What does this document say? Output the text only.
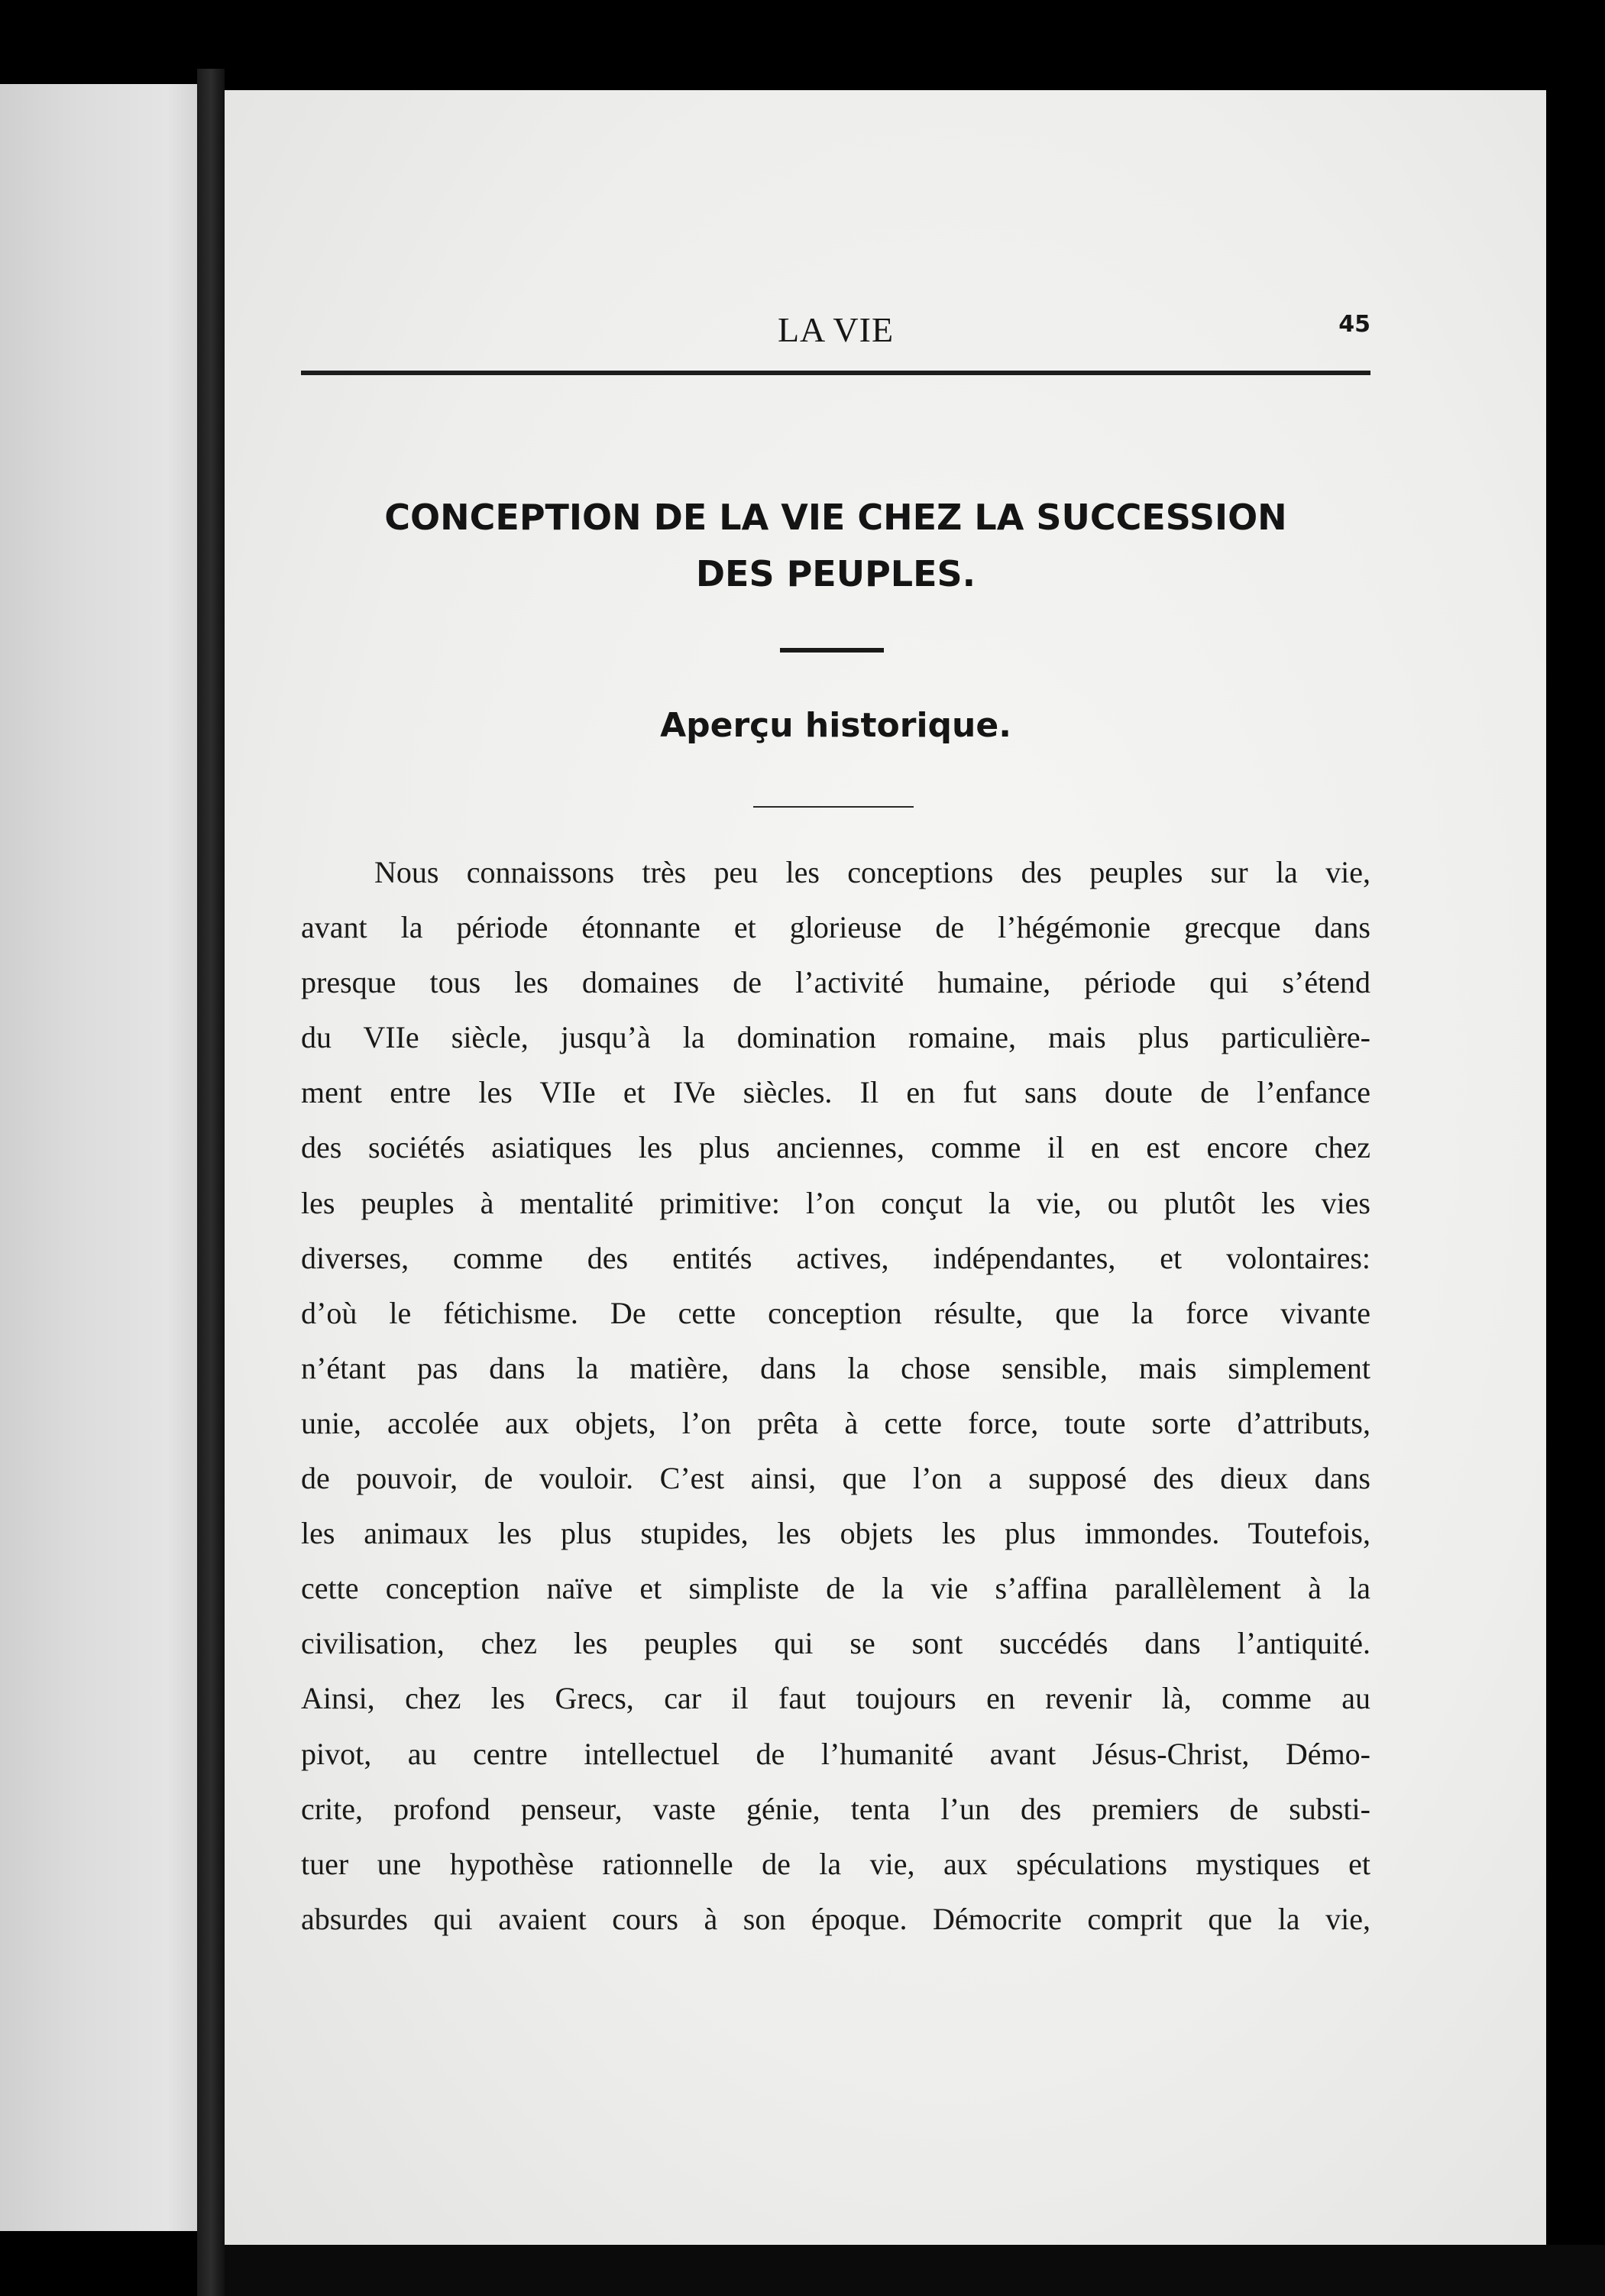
LA VIE	45
CONCEPTION DE LA VIE CHEZ LA SUCCESSION
DES PEUPLES.
Aperçu historique.
Nous connaissons très peu les conceptions des peuples sur la vie,
avant la période étonnante et glorieuse de l’hégémonie grecque dans
presque tous les domaines de l’activité humaine, période qui s’étend
du VIIe siècle, jusqu’à la domination romaine, mais plus particulière-
ment entre les VIIe et IVe siècles. Il en fut sans doute de l’enfance
des sociétés asiatiques les plus anciennes, comme il en est encore chez
les peuples à mentalité primitive: l’on conçut la vie, ou plutôt les vies
diverses, comme des entités actives, indépendantes, et volontaires:
d’où le fétichisme. De cette conception résulte, que la force vivante
n’étant pas dans la matière, dans la chose sensible, mais simplement
unie, accolée aux objets, l’on prêta à cette force, toute sorte d’attributs,
de pouvoir, de vouloir. C’est ainsi, que l’on a supposé des dieux dans
les animaux les plus stupides, les objets les plus immondes. Toutefois,
cette conception naïve et simpliste de la vie s’affina parallèlement à la
civilisation, chez les peuples qui se sont succédés dans l’antiquité.
Ainsi, chez les Grecs, car il faut toujours en revenir là, comme au
pivot, au centre intellectuel de l’humanité avant Jésus-Christ, Démo-
crite, profond penseur, vaste génie, tenta l’un des premiers de substi-
tuer une hypothèse rationnelle de la vie, aux spéculations mystiques et
absurdes qui avaient cours à son époque. Démocrite comprit que la vie,
